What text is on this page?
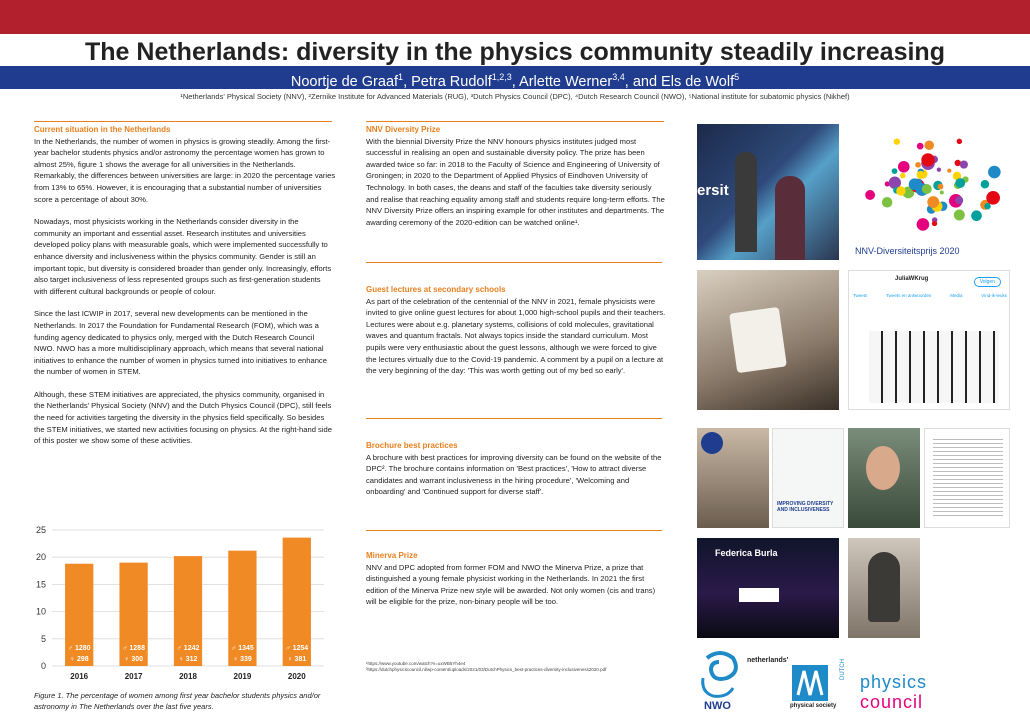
The Netherlands: diversity in the physics community steadily increasing
Noortje de Graaf$^1$, Petra Rudolf$^{1,2,3}$, Arlette Werner$^{3,4}$, and Els de Wolf$^5$
¹Netherlands' Physical Society (NNV), ²Zernike Institute for Advanced Materials (RUG), ³Dutch Physics Council (DPC), ⁴Dutch Research Council (NWO), ⁵National institute for subatomic physics (Nikhef)
Current situation in the Netherlands

In the Netherlands, the number of women in physics is growing steadily. Among the first-year bachelor students physics and/or astronomy the percentage women has grown to almost 25%, figure 1 shows the average for all universities in the Netherlands. Remarkably, the differences between universities are large: in 2020 the percentage varies from 13% to 65%. However, it is encouraging that a substantial number of universities score a percentage of about 30%.

Nowadays, most physicists working in the Netherlands consider diversity in the community an important and essential asset. Research institutes and universities developed policy plans with measurable goals, which were implemented successfully to enhance diversity and inclusiveness within the physics community. Gender is still an important topic, but diversity is considered broader than gender only. Increasingly, efforts also target inclusiveness of less represented groups such as first-generation students with different cultural backgrounds or people of colour.

Since the last ICWIP in 2017, several new developments can be mentioned in the Netherlands. In 2017 the Foundation for Fundamental Research (FOM), which was a funding agency dedicated to physics only, merged with the Dutch Research Council NWO. NWO has a more multidisciplinary approach, which means that several national initiatives to enhance the number of women in physics turned into initiatives to enhance the number of women in STEM.

Although, these STEM initiatives are appreciated, the physics community, organised in the Netherlands' Physical Society (NNV) and the Dutch Physics Council (DPC), still feels the need for activities targeting the diversity in the physics field specifically. So besides the STEM initiatives, we started new activities focusing on physics. At the right-hand side of this poster we show some of these activities.

0
5
10
15
20
25
♂ 1280
♀ 298
2016
♂ 1288
♀ 300
2017
♂ 1242
♀ 312
2018
♂ 1345
♀ 339
2019
♂ 1254
♀ 381
2020
Figure 1. The percentage of women among first year bachelor students physics and/or astronomy in The Netherlands over the last five years.
NNV Diversity Prize

With the biennial Diversity Prize the NNV honours physics institutes judged most successful in realising an open and sustainable diversity policy. The prize has been awarded twice so far: in 2018 to the Faculty of Science and Engineering of University of Groningen; in 2020 to the Department of Applied Physics of Eindhoven University of Technology. In both cases, the deans and staff of the faculties take diversity seriously and realise that reaching equality among staff and students require long-term efforts. The NNV Diversity Prize offers an inspiring example for other institutes and departments. The awarding ceremony of the 2020-edition can be watched online¹.

Guest lectures at secondary schools

As part of the celebration of the centennial of the NNV in 2021, female physicists were invited to give online guest lectures for about 1,000 high-school pupils and their teachers. Lectures were about e.g. planetary systems, collisions of cold molecules, gravitational waves and quantum fractals. Not always topics inside the standard curriculum. Most pupils were very enthusiastic about the guest lessons, although we were forced to give the lectures virtually due to the Covid-19 pandemic. A comment by a pupil on a lecture at the very beginning of the day: 'This was worth getting out of my bed so early'.

Brochure best practices

A brochure with best practices for improving diversity can be found on the website of the DPC². The brochure contains information on 'Best practices', 'How to attract diverse candidates and warrant inclusiveness in the hiring procedure', 'Welcoming and onboarding' and 'Continued support for diverse staff'.

Minerva Prize

NNV and DPC adopted from former FOM and NWO the Minerva Prize, a prize that distinguished a young female physicist working in the Netherlands. In 2021 the first edition of the Minerva Prize new style will be awarded. Not only women (cis and trans) will be eligible for the prize, non-binary people will be too.

¹https://www.youtube.com/watch?v=uxWB5Yh4e4
²https://dutchphysicscouncil.nl/wp-content/uploads/2021/03/DutchPhysics_best-practices-diversity-inclusiveness2020.pdf
ersit
NNV-Diversiteitsprijs 2020
JuliaWKrug	Volgen
Tweets	Tweets en antwoorden	Media	Vind-ik-leuks
IMPROVING DIVERSITY AND INCLUSIVENESS
Federica Burla
NWO
netherlands'
physical society
DUTCH
physics
council
